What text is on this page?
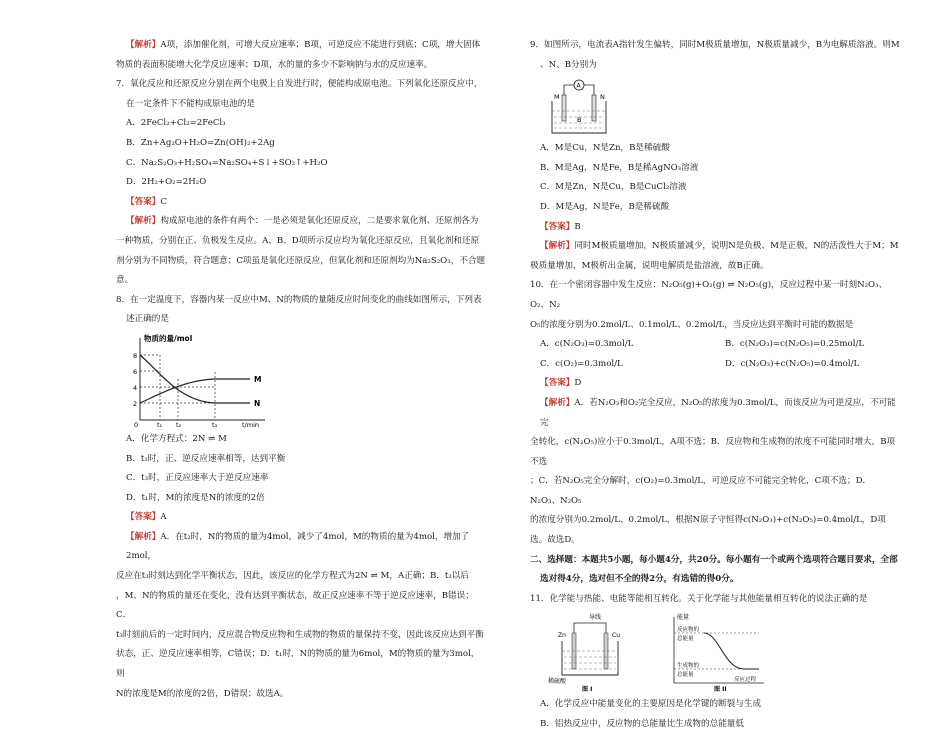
【解析】A项，添加催化剂，可增大反应速率；B项，可逆反应不能进行到底；C项，增大固体

物质的表面积能增大化学反应速率；D项，水的量的多少不影响钠与水的反应速率。

7．氧化反应和还原反应分别在两个电极上自发进行时，便能构成原电池。下列氧化还原反应中，

在一定条件下不能构成原电池的是

A．2FeCl₂+Cl₂=2FeCl₃

B．Zn+Ag₂O+H₂O=Zn(OH)₂+2Ag

C．Na₂S₂O₃+H₂SO₄=Na₂SO₄+S↓+SO₂↑+H₂O

D．2H₂+O₂=2H₂O

【答案】C

【解析】构成原电池的条件有两个：一是必须是氧化还原反应，二是要求氧化剂、还原剂各为

一种物质，分别在正、负极发生反应。A、B、D项所示反应均为氧化还原反应，且氧化剂和还原

剂分别为不同物质，符合题意；C项虽是氧化还原反应，但氧化剂和还原剂均为Na₂S₂O₃，不合题

意。

8．在一定温度下，容器内某一反应中M、N的物质的量随反应时间变化的曲线如图所示，下列表

述正确的是

物质的量/mol
t/min
8
6
4
2
0	t₁ t₂	t₃
M
N

A．化学方程式：2N ⇌ M

B．t₂时，正、逆反应速率相等，达到平衡

C．t₃时，正反应速率大于逆反应速率

D．t₁时，M的浓度是N的浓度的2倍

【答案】A

【解析】A．在t₂时，N的物质的量为4mol，减少了4mol，M的物质的量为4mol，增加了2mol，

反应在t₃时刻达到化学平衡状态，因此，该反应的化学方程式为2N ⇌ M，A正确；B．t₂以后

，M、N的物质的量还在变化，没有达到平衡状态，故正反应速率不等于逆反应速率，B错误；C．

t₃时刻前后的一定时间内，反应混合物反应物和生成物的物质的量保持不变，因此该反应达到平衡

状态，正、逆反应速率相等，C错误；D．t₁时，N的物质的量为6mol，M的物质的量为3mol，则

N的浓度是M的浓度的2倍，D错误；故选A。

9．如图所示，电流表A指针发生偏转，同时M极质量增加，N极质量减少，B为电解质溶液。则M

、N、B分别为

A
M	N
B

A．M是Cu，N是Zn，B是稀硫酸

B．M是Ag，N是Fe，B是稀AgNO₃溶液

C．M是Zn，N是Cu，B是CuCl₂溶液

D．M是Ag，N是Fe，B是稀硫酸

【答案】B

【解析】同时M极质量增加，N极质量减少，说明N是负极、M是正极，N的活泼性大于M；M

极质量增加，M极析出金属，说明电解质是盐溶液，故B正确。

10．在一个密闭容器中发生反应：N₂O₅(g)+O₂(g) ⇌ N₂O₅(g)，反应过程中某一时刻N₂O₃、O₂、N₂

O₅的浓度分别为0.2mol/L、0.1mol/L、0.2mol/L，当反应达到平衡时可能的数据是

A．c(N₂O₃)=0.3mol/L	B．c(N₂O₃)=c(N₂O₅)=0.25mol/L

C．c(O₂)=0.3mol/L	D．c(N₂O₃)+c(N₂O₅)=0.4mol/L

【答案】D

【解析】A．若N₂O₃和O₂完全反应，N₂O₅的浓度为0.3mol/L，而该反应为可逆反应，不可能完

全转化，c(N₂O₅)应小于0.3mol/L，A项不选；B．反应物和生成物的浓度不可能同时增大，B项不选

；C．若N₂O₅完全分解时，c(O₂)=0.3mol/L，可逆反应不可能完全转化，C项不选；D．N₂O₃、N₂O₅

的浓度分别为0.2mol/L、0.2mol/L，根据N原子守恒得c(N₂O₃)+c(N₂O₅)=0.4mol/L，D项选。故选D。

二、选择题：本题共5小题，每小题4分，共20分。每小题有一个或两个选项符合题目要求，全部

选对得4分，选对但不全的得2分，有选错的得0分。

11．化学能与热能、电能等能相互转化。关于化学能与其他能量相互转化的说法正确的是

导线
Zn	Cu
稀硫酸
图 I
能量
反应物的
总能量
生成物的
总能量
反应过程
图 II

A．化学反应中能量变化的主要原因是化学键的断裂与生成

B．铝热反应中，反应物的总能量比生成物的总能量低
